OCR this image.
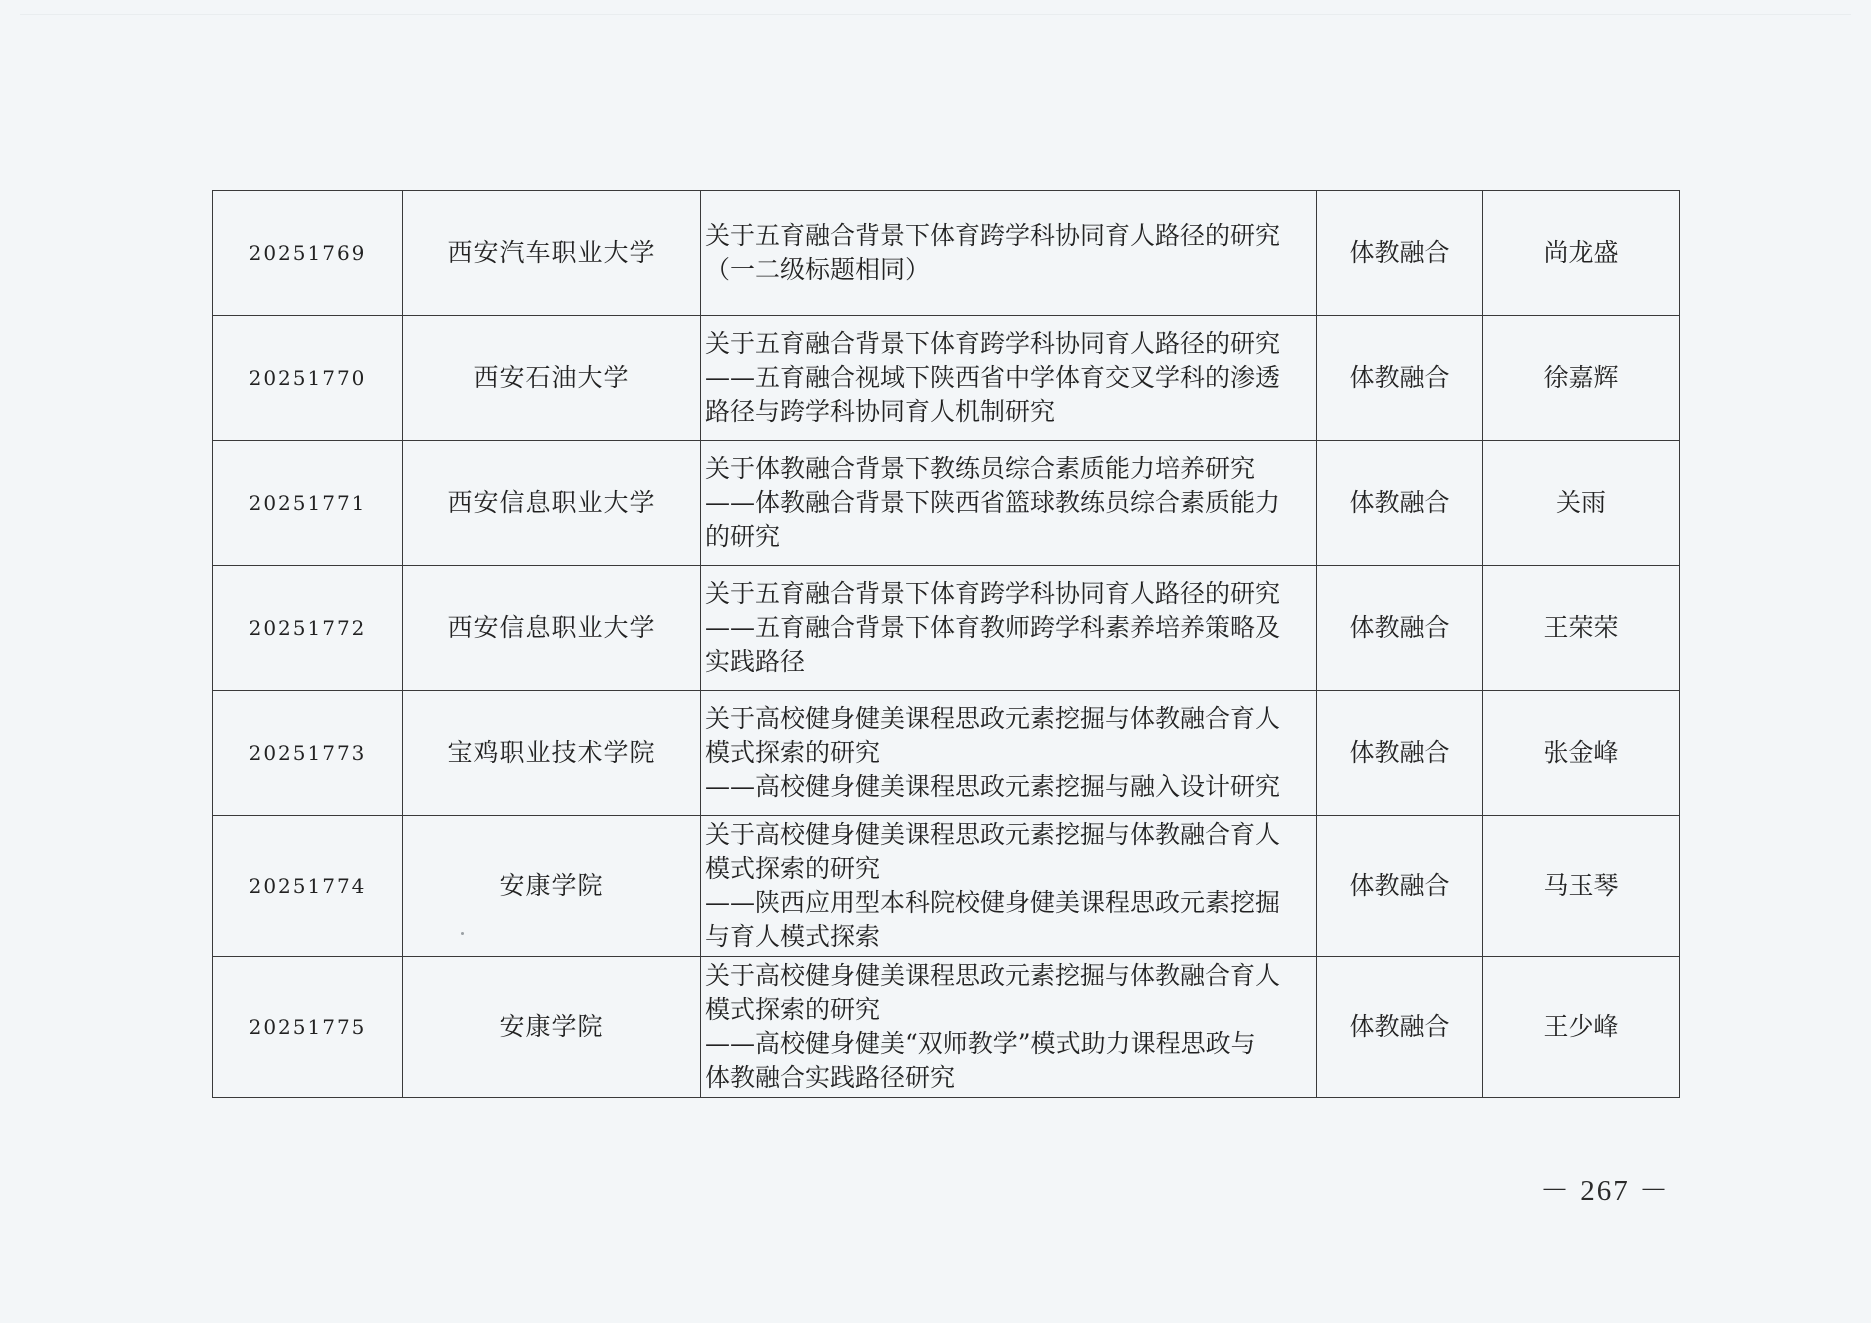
20251769	西安汽车职业大学	关于五育融合背景下体育跨学科协同育人路径的研究
（一二级标题相同）	体教融合	尚龙盛
20251770	西安石油大学	关于五育融合背景下体育跨学科协同育人路径的研究
——五育融合视域下陕西省中学体育交叉学科的渗透
路径与跨学科协同育人机制研究	体教融合	徐嘉辉
20251771	西安信息职业大学	关于体教融合背景下教练员综合素质能力培养研究
——体教融合背景下陕西省篮球教练员综合素质能力
的研究	体教融合	关雨
20251772	西安信息职业大学	关于五育融合背景下体育跨学科协同育人路径的研究
——五育融合背景下体育教师跨学科素养培养策略及
实践路径	体教融合	王荣荣
20251773	宝鸡职业技术学院	关于高校健身健美课程思政元素挖掘与体教融合育人
模式探索的研究
——高校健身健美课程思政元素挖掘与融入设计研究	体教融合	张金峰
20251774	安康学院	关于高校健身健美课程思政元素挖掘与体教融合育人
模式探索的研究
——陕西应用型本科院校健身健美课程思政元素挖掘
与育人模式探索	体教融合	马玉琴
20251775	安康学院	关于高校健身健美课程思政元素挖掘与体教融合育人
模式探索的研究
——高校健身健美“双师教学”模式助力课程思政与
体教融合实践路径研究	体教融合	王少峰
－ 267 －
